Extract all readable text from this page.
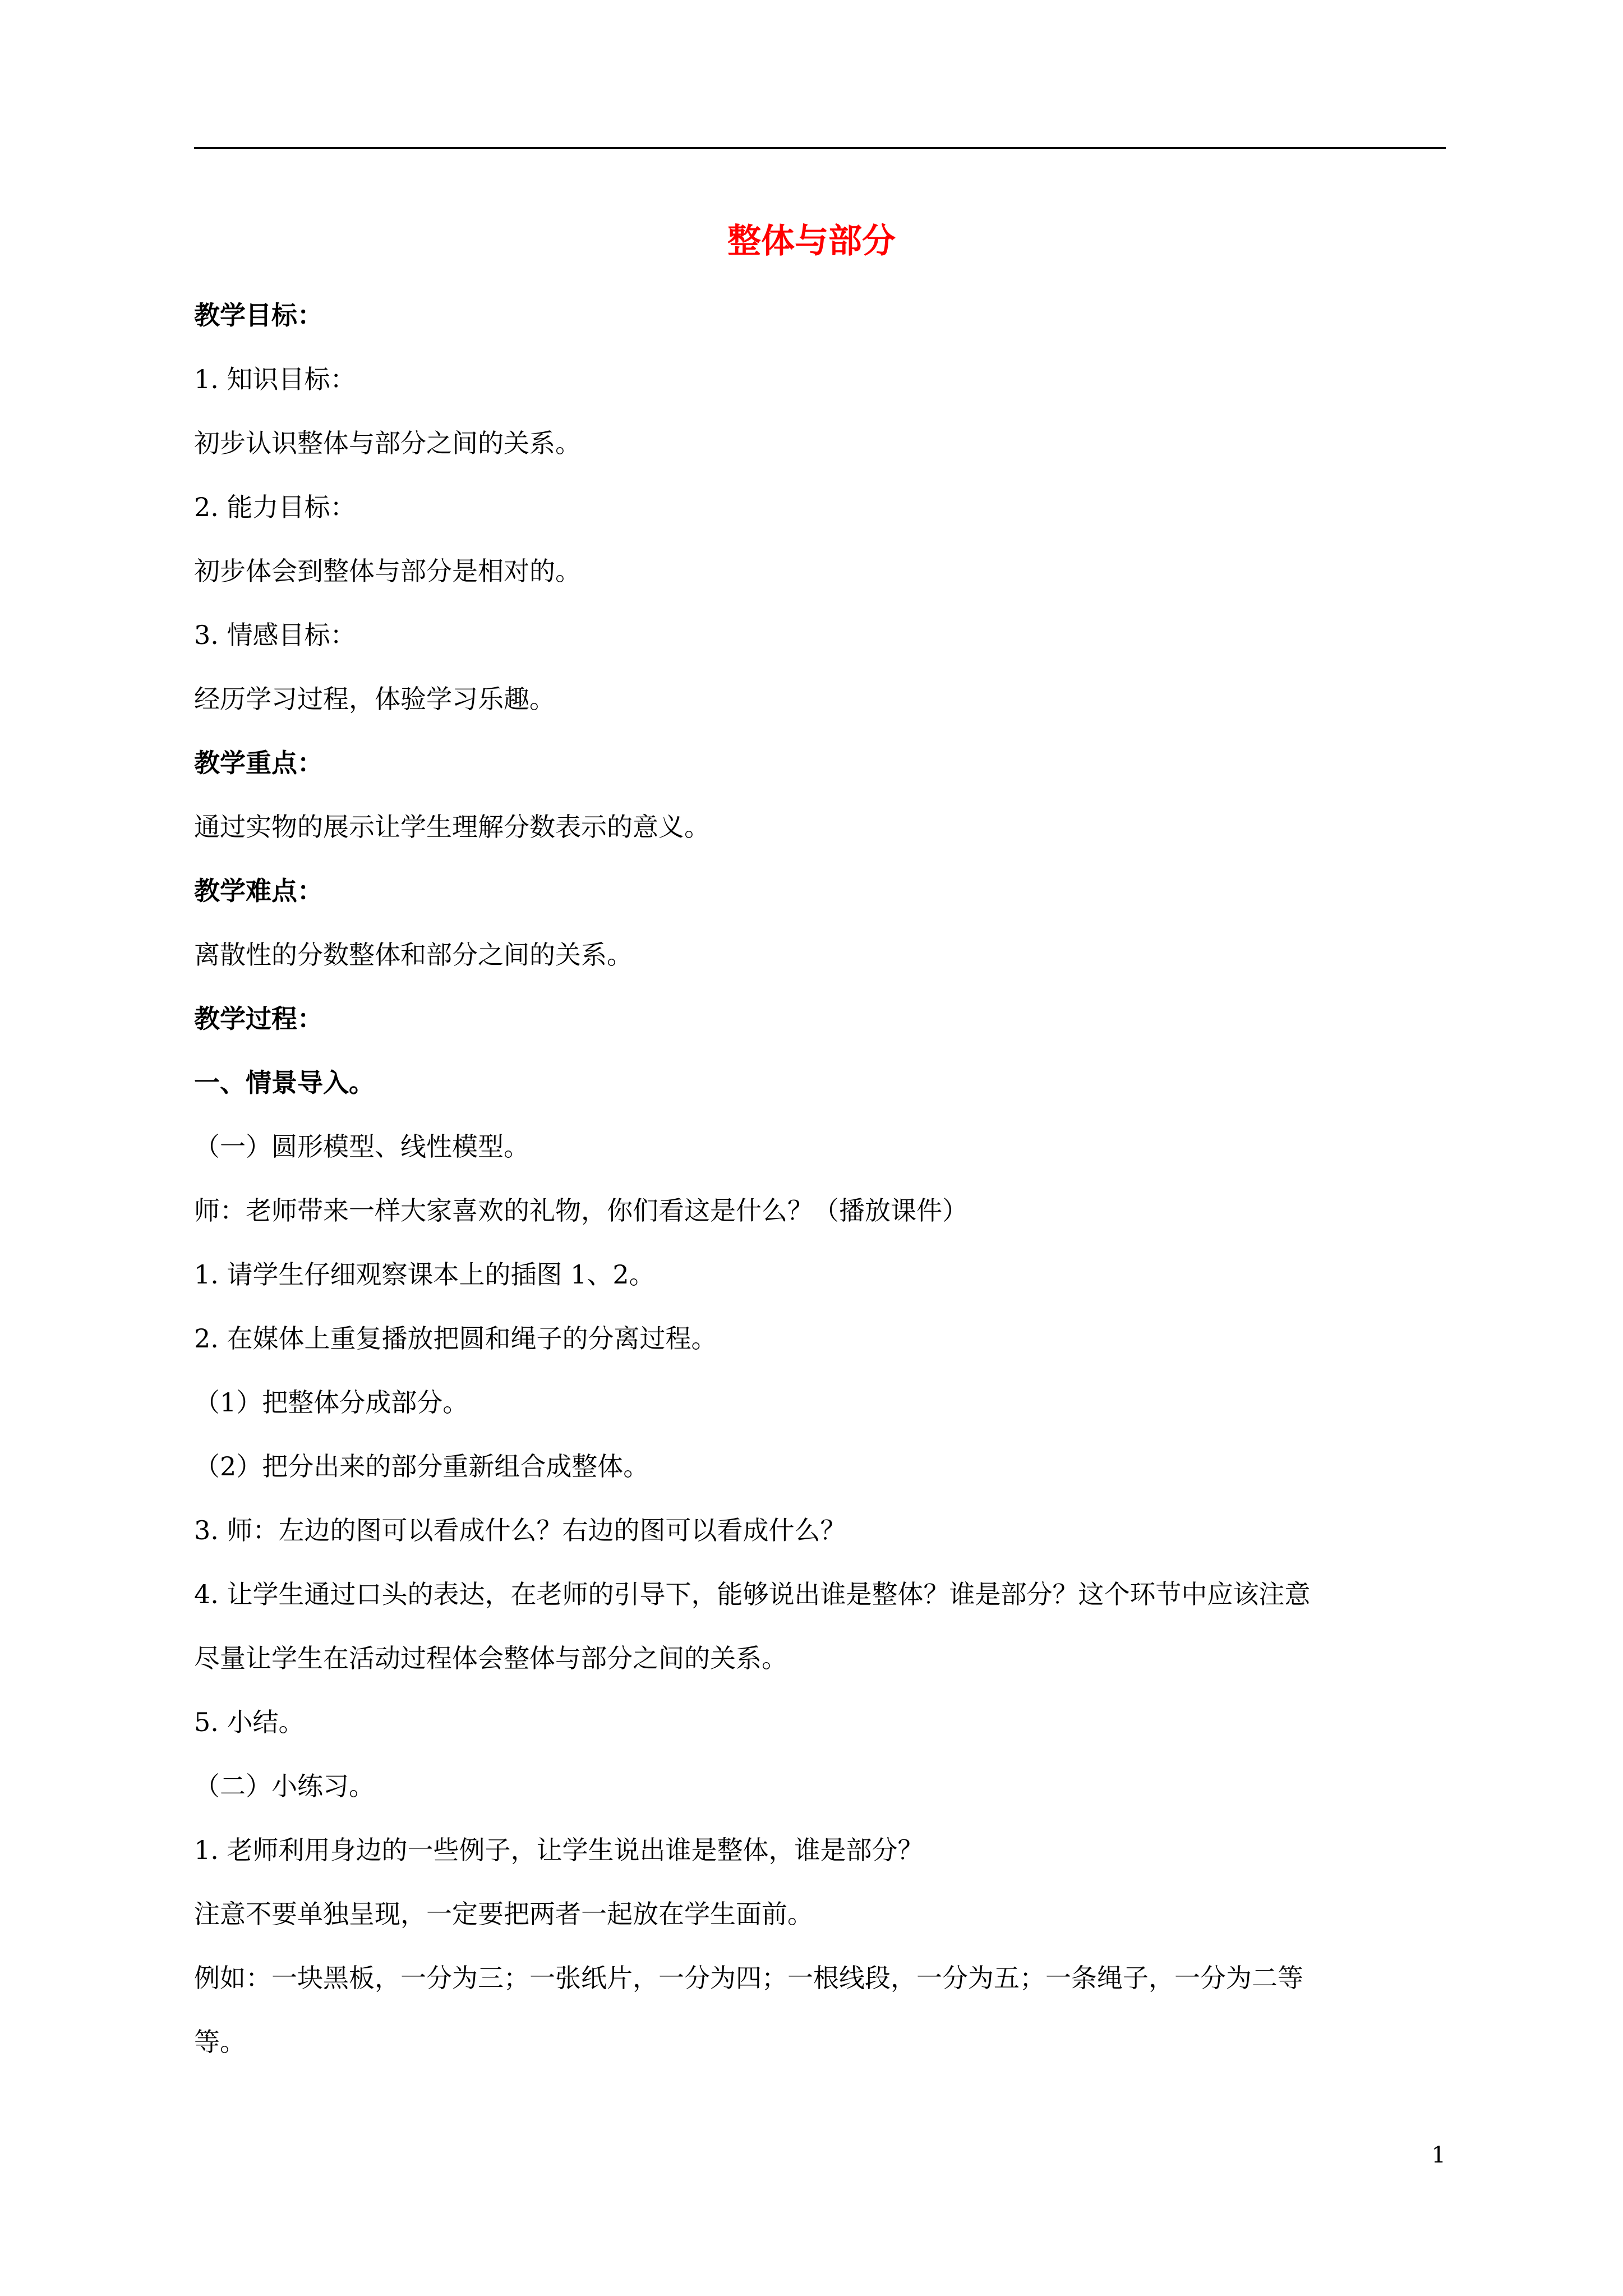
整体与部分
教学目标：
1. 知识目标：
初步认识整体与部分之间的关系。
2. 能力目标：
初步体会到整体与部分是相对的。
3. 情感目标：
经历学习过程，体验学习乐趣。
教学重点：
通过实物的展示让学生理解分数表示的意义。
教学难点：
离散性的分数整体和部分之间的关系。
教学过程：
一、情景导入。
（一）圆形模型、线性模型。
师：老师带来一样大家喜欢的礼物，你们看这是什么？（播放课件）
1. 请学生仔细观察课本上的插图 1、2。
2. 在媒体上重复播放把圆和绳子的分离过程。
（1）把整体分成部分。
（2）把分出来的部分重新组合成整体。
3. 师：左边的图可以看成什么？右边的图可以看成什么？
4. 让学生通过口头的表达，在老师的引导下，能够说出谁是整体？谁是部分？这个环节中应该注意
尽量让学生在活动过程体会整体与部分之间的关系。
5. 小结。
（二）小练习。
1. 老师利用身边的一些例子，让学生说出谁是整体，谁是部分？
注意不要单独呈现，一定要把两者一起放在学生面前。
例如：一块黑板，一分为三；一张纸片，一分为四；一根线段，一分为五；一条绳子，一分为二等
等。
1
